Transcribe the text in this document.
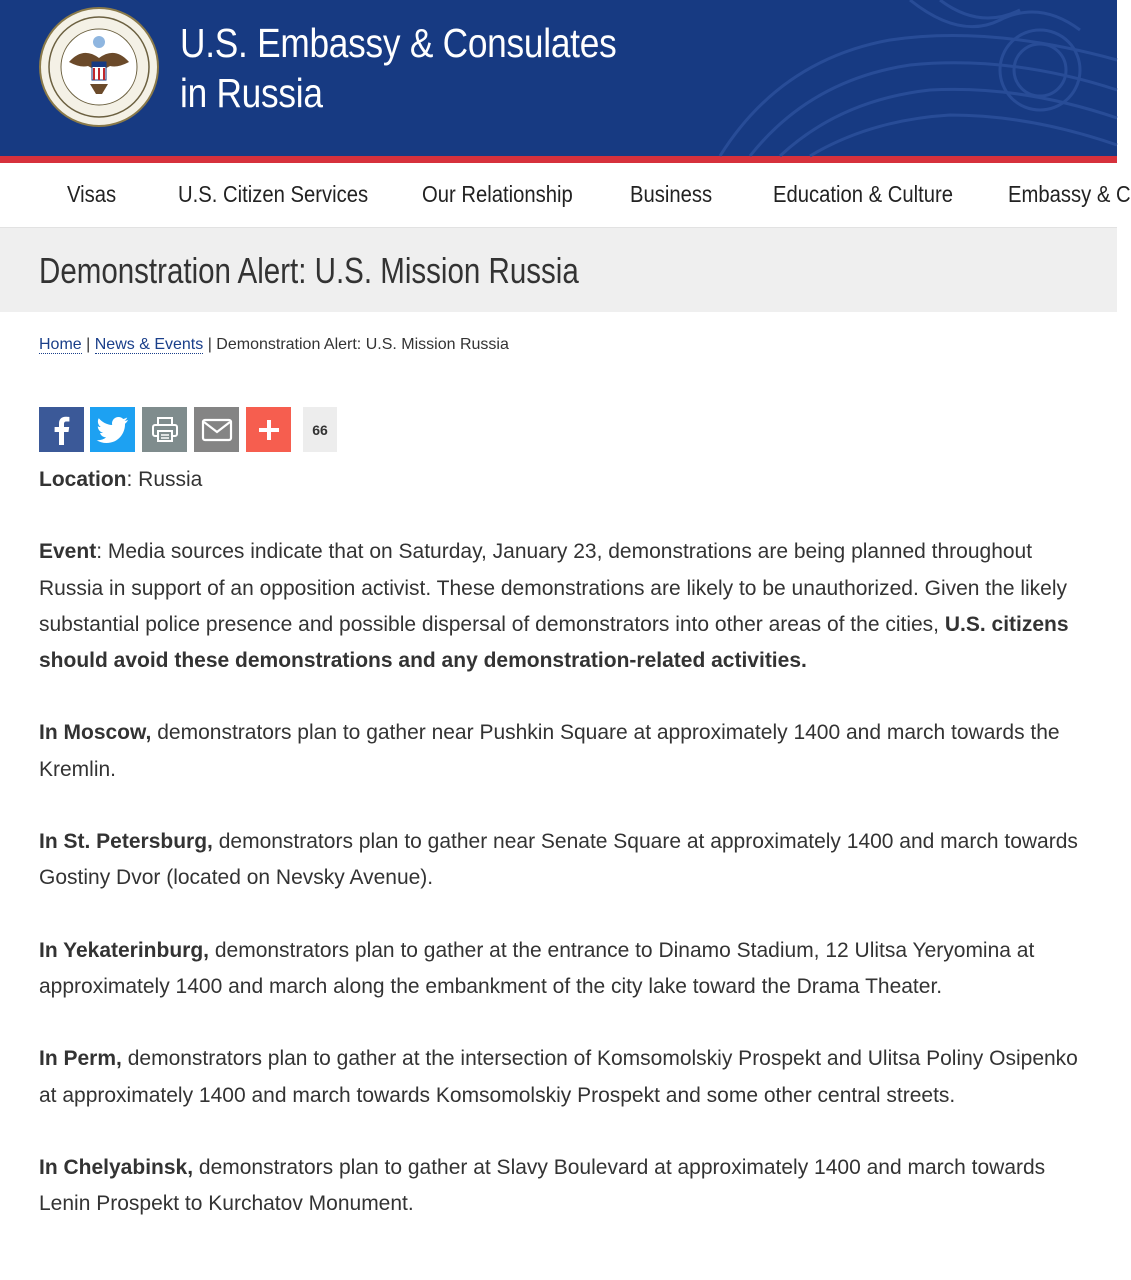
U.S. Embassy & Consulates
in Russia
Visas	U.S. Citizen Services Our Relationship Business	Education & Culture Embassy & C
Demonstration Alert: U.S. Mission Russia
Home | News & Events | Demonstration Alert: U.S. Mission Russia
66

Location: Russia

Event: Media sources indicate that on Saturday, January 23, demonstrations are being planned throughout Russia in support of an opposition activist. These demonstrations are likely to be unauthorized. Given the likely substantial police presence and possible dispersal of demonstrators into other areas of the cities, U.S. citizens should avoid these demonstrations and any demonstration-related activities.

In Moscow, demonstrators plan to gather near Pushkin Square at approximately 1400 and march towards the Kremlin.

In St. Petersburg, demonstrators plan to gather near Senate Square at approximately 1400 and march towards Gostiny Dvor (located on Nevsky Avenue).

In Yekaterinburg, demonstrators plan to gather at the entrance to Dinamo Stadium, 12 Ulitsa Yeryomina at approximately 1400 and march along the embankment of the city lake toward the Drama Theater.

In Perm, demonstrators plan to gather at the intersection of Komsomolskiy Prospekt and Ulitsa Poliny Osipenko at approximately 1400 and march towards Komsomolskiy Prospekt and some other central streets.

In Chelyabinsk, demonstrators plan to gather at Slavy Boulevard at approximately 1400 and march towards Lenin Prospekt to Kurchatov Monument.
